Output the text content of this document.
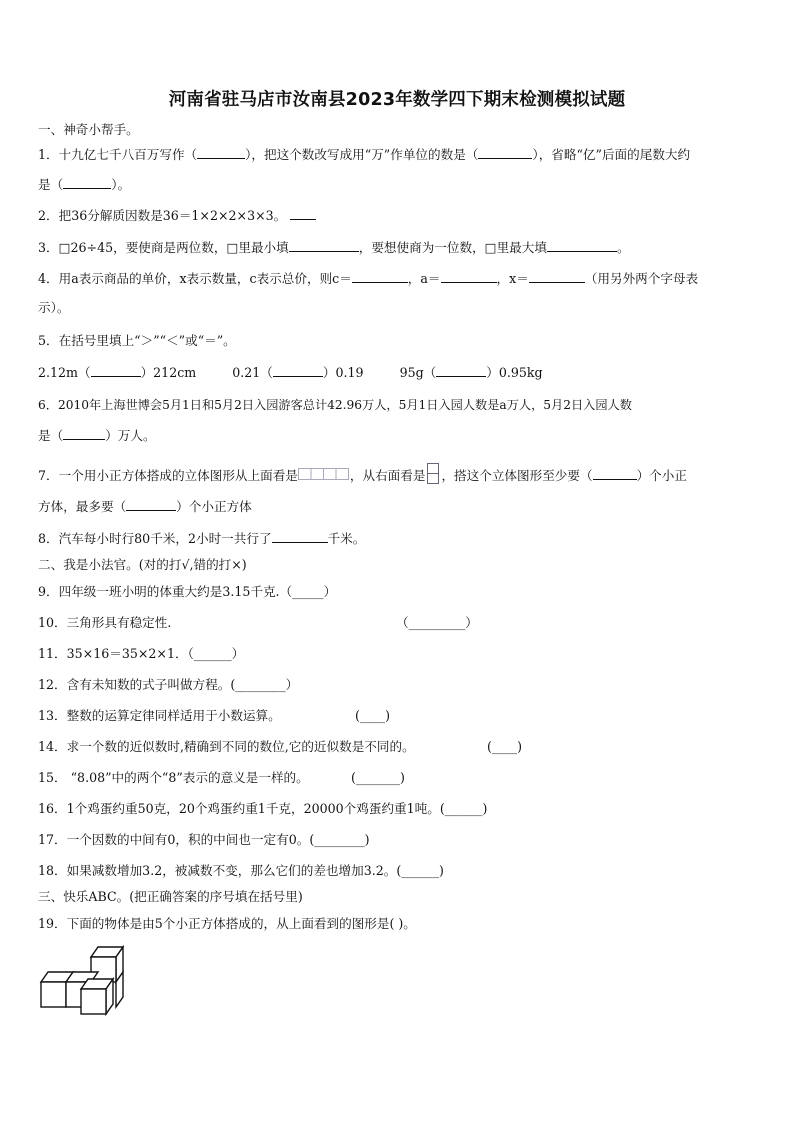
河南省驻马店市汝南县2023年数学四下期末检测模拟试题
一、神奇小帮手。
1．十九亿七千八百万写作（	），把这个数改写成用“万”作单位的数是（	），省略“亿”后面的尾数大约
是（	）。
2．把36分解质因数是36＝1×2×2×3×3。
3．□26÷45，要使商是两位数，□里最小填	，要想使商为一位数，□里最大填	。
4．用a表示商品的单价，x表示数量，c表示总价，则c＝	，a＝	，x＝	（用另外两个字母表
示）。
5．在括号里填上“＞”“＜”或“＝”。
2.12m（	）212cm	0.21（	）0.19	95g（	）0.95kg
6．2010年上海世博会5月1日和5月2日入园游客总计42.96万人，5月1日入园人数是a万人，5月2日入园人数
是（	）万人。
7．一个用小正方体搭成的立体图形从上面看是	，从右面看是 ，搭这个立体图形至少要（	）个小正
方体，最多要（	）个小正方体
8．汽车每小时行80千米，2小时一共行了	千米。
二、我是小法官。(对的打√,错的打×)
9．四年级一班小明的体重大约是3.15千克.（_____）
10．三角形具有稳定性.	（_________）
11．35×16＝35×2×1．（______）
12．含有未知数的式子叫做方程。(________）
13．整数的运算定律同样适用于小数运算。	(____)
14．求一个数的近似数时,精确到不同的数位,它的近似数是不同的。	(____)
15． “8.08”中的两个“8”表示的意义是一样的。	(_______)
16．1个鸡蛋约重50克，20个鸡蛋约重1千克，20000个鸡蛋约重1吨。(______)
17．一个因数的中间有0，积的中间也一定有0。(________)
18．如果减数增加3.2，被减数不变，那么它们的差也增加3.2。(______)
三、快乐ABC。(把正确答案的序号填在括号里)
19．下面的物体是由5个小正方体搭成的，从上面看到的图形是( )。
